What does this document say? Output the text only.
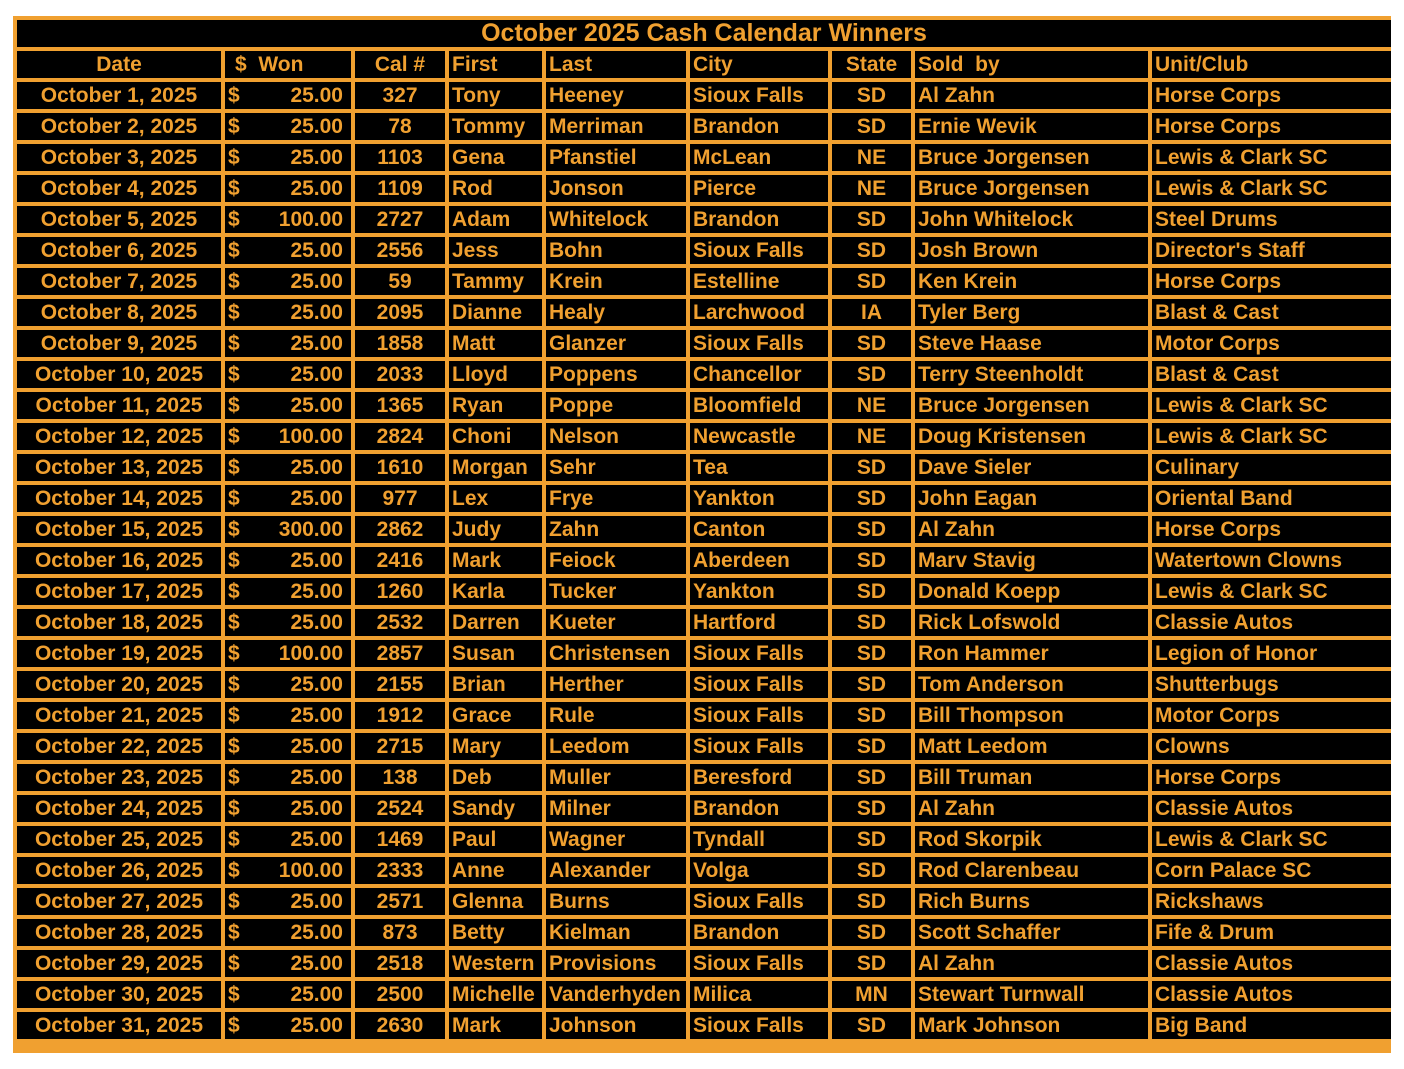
October 2025 Cash Calendar Winners								
Date	$  Won	Cal #	First	Last	City	State	Sold  by	Unit/Club
October 1, 2025	$ 25.00 327	Tony	Heeney	Sioux Falls	SD	Al Zahn	Horse Corps
October 2, 2025	$ 25.00 78	Tommy	Merriman	Brandon	SD	Ernie Wevik	Horse Corps
October 3, 2025	$ 25.00 1103	Gena	Pfanstiel	McLean	NE	Bruce Jorgensen	Lewis & Clark SC
October 4, 2025	$ 25.00 1109	Rod	Jonson	Pierce	NE	Bruce Jorgensen	Lewis & Clark SC
October 5, 2025	$ 100.00 2727	Adam	Whitelock	Brandon	SD	John Whitelock	Steel Drums
October 6, 2025	$ 25.00 2556	Jess	Bohn	Sioux Falls	SD	Josh Brown	Director's Staff
October 7, 2025	$ 25.00 59	Tammy	Krein	Estelline	SD	Ken Krein	Horse Corps
October 8, 2025	$ 25.00 2095	Dianne	Healy	Larchwood	IA	Tyler Berg	Blast & Cast
October 9, 2025	$ 25.00 1858	Matt	Glanzer	Sioux Falls	SD	Steve Haase	Motor Corps
October 10, 2025	$ 25.00 2033	Lloyd	Poppens	Chancellor	SD	Terry Steenholdt	Blast & Cast
October 11, 2025	$ 25.00 1365	Ryan	Poppe	Bloomfield	NE	Bruce Jorgensen	Lewis & Clark SC
October 12, 2025	$ 100.00 2824	Choni	Nelson	Newcastle	NE	Doug Kristensen	Lewis & Clark SC
October 13, 2025	$ 25.00 1610	Morgan	Sehr	Tea	SD	Dave Sieler	Culinary
October 14, 2025	$ 25.00 977	Lex	Frye	Yankton	SD	John Eagan	Oriental Band
October 15, 2025	$ 300.00 2862	Judy	Zahn	Canton	SD	Al Zahn	Horse Corps
October 16, 2025	$ 25.00 2416	Mark	Feiock	Aberdeen	SD	Marv Stavig	Watertown Clowns
October 17, 2025	$ 25.00 1260	Karla	Tucker	Yankton	SD	Donald Koepp	Lewis & Clark SC
October 18, 2025	$ 25.00 2532	Darren	Kueter	Hartford	SD	Rick Lofswold	Classie Autos
October 19, 2025	$ 100.00 2857	Susan	Christensen	Sioux Falls	SD	Ron Hammer	Legion of Honor
October 20, 2025	$ 25.00 2155	Brian	Herther	Sioux Falls	SD	Tom Anderson	Shutterbugs
October 21, 2025	$ 25.00 1912	Grace	Rule	Sioux Falls	SD	Bill Thompson	Motor Corps
October 22, 2025	$ 25.00 2715	Mary	Leedom	Sioux Falls	SD	Matt Leedom	Clowns
October 23, 2025	$ 25.00 138	Deb	Muller	Beresford	SD	Bill Truman	Horse Corps
October 24, 2025	$ 25.00 2524	Sandy	Milner	Brandon	SD	Al Zahn	Classie Autos
October 25, 2025	$ 25.00 1469	Paul	Wagner	Tyndall	SD	Rod Skorpik	Lewis & Clark SC
October 26, 2025	$ 100.00 2333	Anne	Alexander	Volga	SD	Rod Clarenbeau	Corn Palace SC
October 27, 2025	$ 25.00 2571	Glenna	Burns	Sioux Falls	SD	Rich Burns	Rickshaws
October 28, 2025	$ 25.00 873	Betty	Kielman	Brandon	SD	Scott Schaffer	Fife & Drum
October 29, 2025	$ 25.00 2518	Western	Provisions	Sioux Falls	SD	Al Zahn	Classie Autos
October 30, 2025	$ 25.00 2500	Michelle	Vanderhyden	Milica	MN	Stewart Turnwall	Classie Autos
October 31, 2025	$ 25.00 2630	Mark	Johnson	Sioux Falls	SD	Mark Johnson	Big Band
